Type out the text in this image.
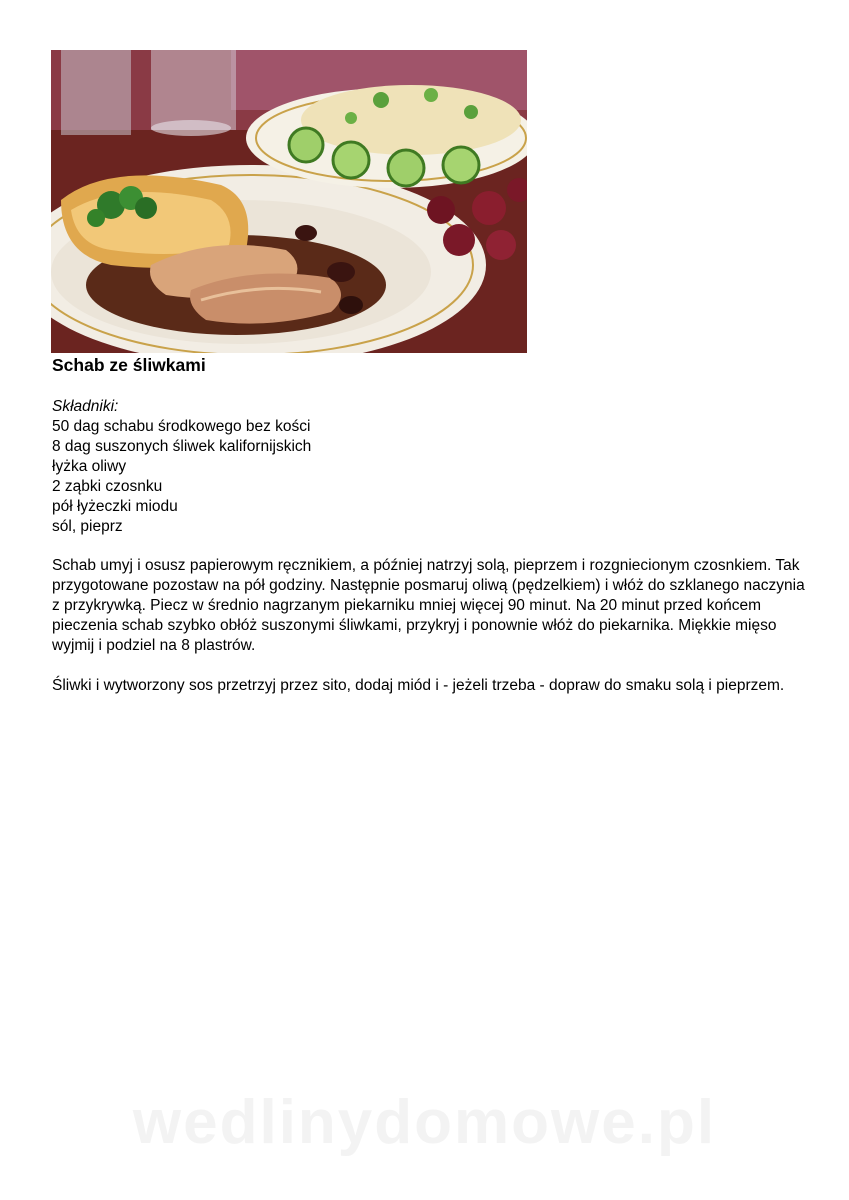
Schab ze śliwkami
Składniki:
50 dag schabu środkowego bez kości
8 dag suszonych śliwek kalifornijskich
łyżka oliwy
2 ząbki czosnku
pół łyżeczki miodu
sól, pieprz

Schab umyj i osusz papierowym ręcznikiem, a później natrzyj solą, pieprzem i rozgniecionym czosnkiem. Tak przygotowane pozostaw na pół godziny. Następnie posmaruj oliwą (pędzelkiem) i włóż do szklanego naczynia z przykrywką. Piecz w średnio nagrzanym piekarniku mniej więcej 90 minut. Na 20 minut przed końcem pieczenia schab szybko obłóż suszonymi śliwkami, przykryj i ponownie włóż do piekarnika. Miękkie mięso wyjmij i podziel na 8 plastrów.

Śliwki i wytworzony sos przetrzyj przez sito, dodaj miód i - jeżeli trzeba - dopraw do smaku solą i pieprzem.

wedlinydomowe.pl
